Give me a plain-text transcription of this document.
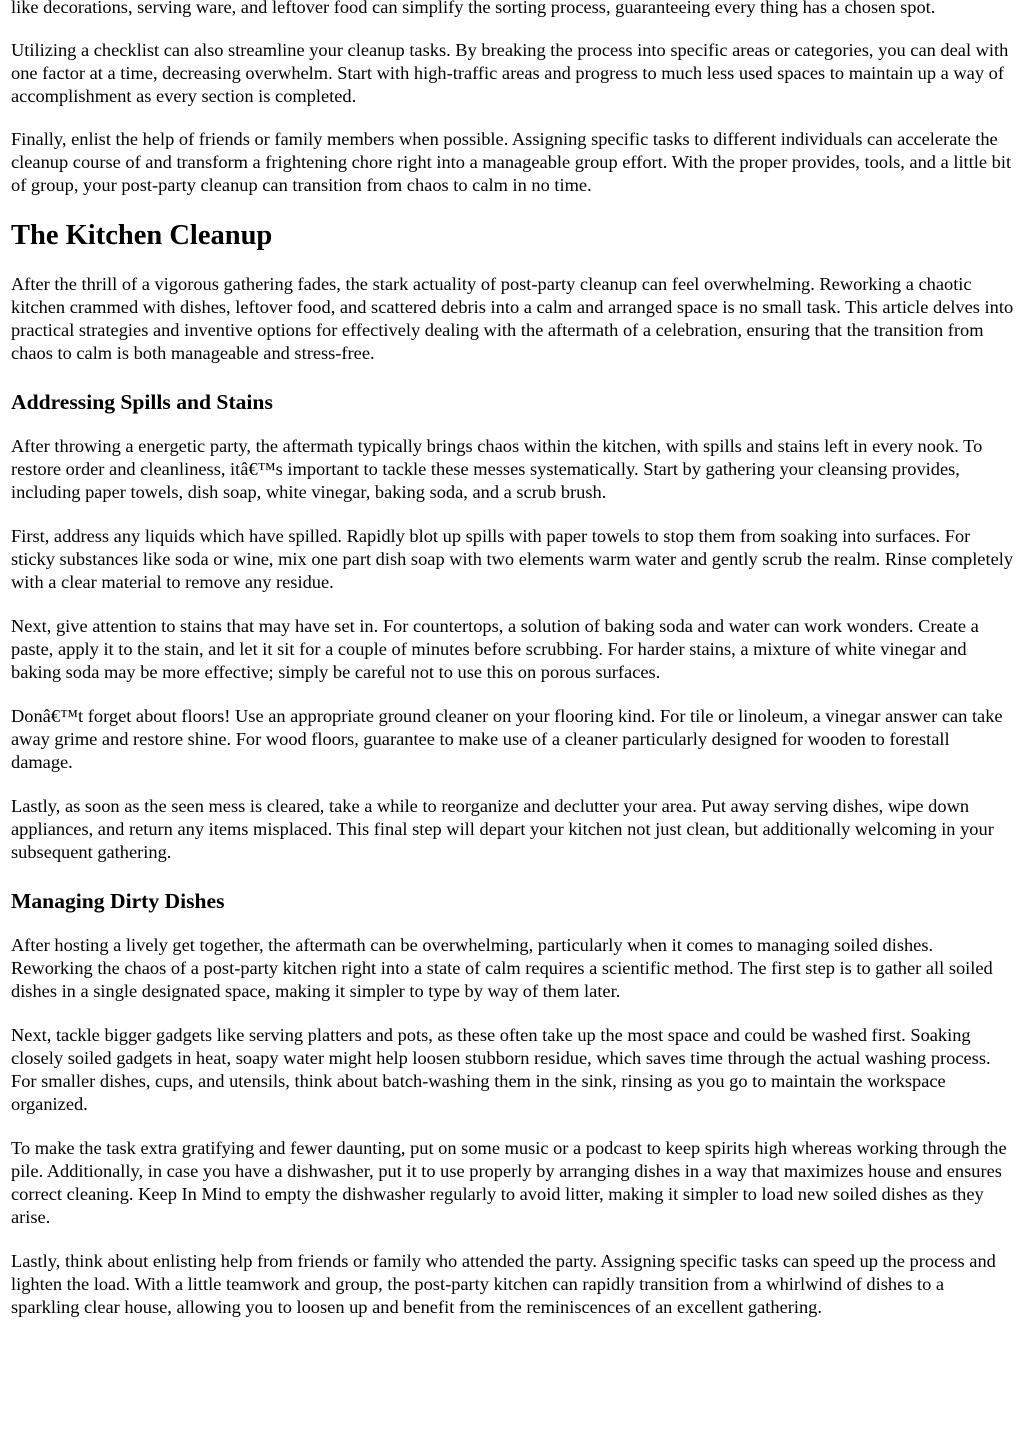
like decorations, serving ware, and leftover food can simplify the sorting process, guaranteeing every thing has a chosen spot.

Utilizing a checklist can also streamline your cleanup tasks. By breaking the process into specific areas or categories, you can deal with one factor at a time, decreasing overwhelm. Start with high-traffic areas and progress to much less used spaces to maintain up a way of accomplishment as every section is completed.

Finally, enlist the help of friends or family members when possible. Assigning specific tasks to different individuals can accelerate the cleanup course of and transform a frightening chore right into a manageable group effort. With the proper provides, tools, and a little bit of group, your post-party cleanup can transition from chaos to calm in no time.

The Kitchen Cleanup

After the thrill of a vigorous gathering fades, the stark actuality of post-party cleanup can feel overwhelming. Reworking a chaotic kitchen crammed with dishes, leftover food, and scattered debris into a calm and arranged space is no small task. This article delves into practical strategies and inventive options for effectively dealing with the aftermath of a celebration, ensuring that the transition from chaos to calm is both manageable and stress-free.

Addressing Spills and Stains

After throwing a energetic party, the aftermath typically brings chaos within the kitchen, with spills and stains left in every nook. To restore order and cleanliness, itâ€™s important to tackle these messes systematically. Start by gathering your cleansing provides, including paper towels, dish soap, white vinegar, baking soda, and a scrub brush.

First, address any liquids which have spilled. Rapidly blot up spills with paper towels to stop them from soaking into surfaces. For sticky substances like soda or wine, mix one part dish soap with two elements warm water and gently scrub the realm. Rinse completely with a clear material to remove any residue.

Next, give attention to stains that may have set in. For countertops, a solution of baking soda and water can work wonders. Create a paste, apply it to the stain, and let it sit for a couple of minutes before scrubbing. For harder stains, a mixture of white vinegar and baking soda may be more effective; simply be careful not to use this on porous surfaces.

Donâ€™t forget about floors! Use an appropriate ground cleaner on your flooring kind. For tile or linoleum, a vinegar answer can take away grime and restore shine. For wood floors, guarantee to make use of a cleaner particularly designed for wooden to forestall damage.

Lastly, as soon as the seen mess is cleared, take a while to reorganize and declutter your area. Put away serving dishes, wipe down appliances, and return any items misplaced. This final step will depart your kitchen not just clean, but additionally welcoming in your subsequent gathering.

Managing Dirty Dishes

After hosting a lively get together, the aftermath can be overwhelming, particularly when it comes to managing soiled dishes. Reworking the chaos of a post-party kitchen right into a state of calm requires a scientific method. The first step is to gather all soiled dishes in a single designated space, making it simpler to type by way of them later.

Next, tackle bigger gadgets like serving platters and pots, as these often take up the most space and could be washed first. Soaking closely soiled gadgets in heat, soapy water might help loosen stubborn residue, which saves time through the actual washing process. For smaller dishes, cups, and utensils, think about batch-washing them in the sink, rinsing as you go to maintain the workspace organized.

To make the task extra gratifying and fewer daunting, put on some music or a podcast to keep spirits high whereas working through the pile. Additionally, in case you have a dishwasher, put it to use properly by arranging dishes in a way that maximizes house and ensures correct cleaning. Keep In Mind to empty the dishwasher regularly to avoid litter, making it simpler to load new soiled dishes as they arise.

Lastly, think about enlisting help from friends or family who attended the party. Assigning specific tasks can speed up the process and lighten the load. With a little teamwork and group, the post-party kitchen can rapidly transition from a whirlwind of dishes to a sparkling clear house, allowing you to loosen up and benefit from the reminiscences of an excellent gathering.
